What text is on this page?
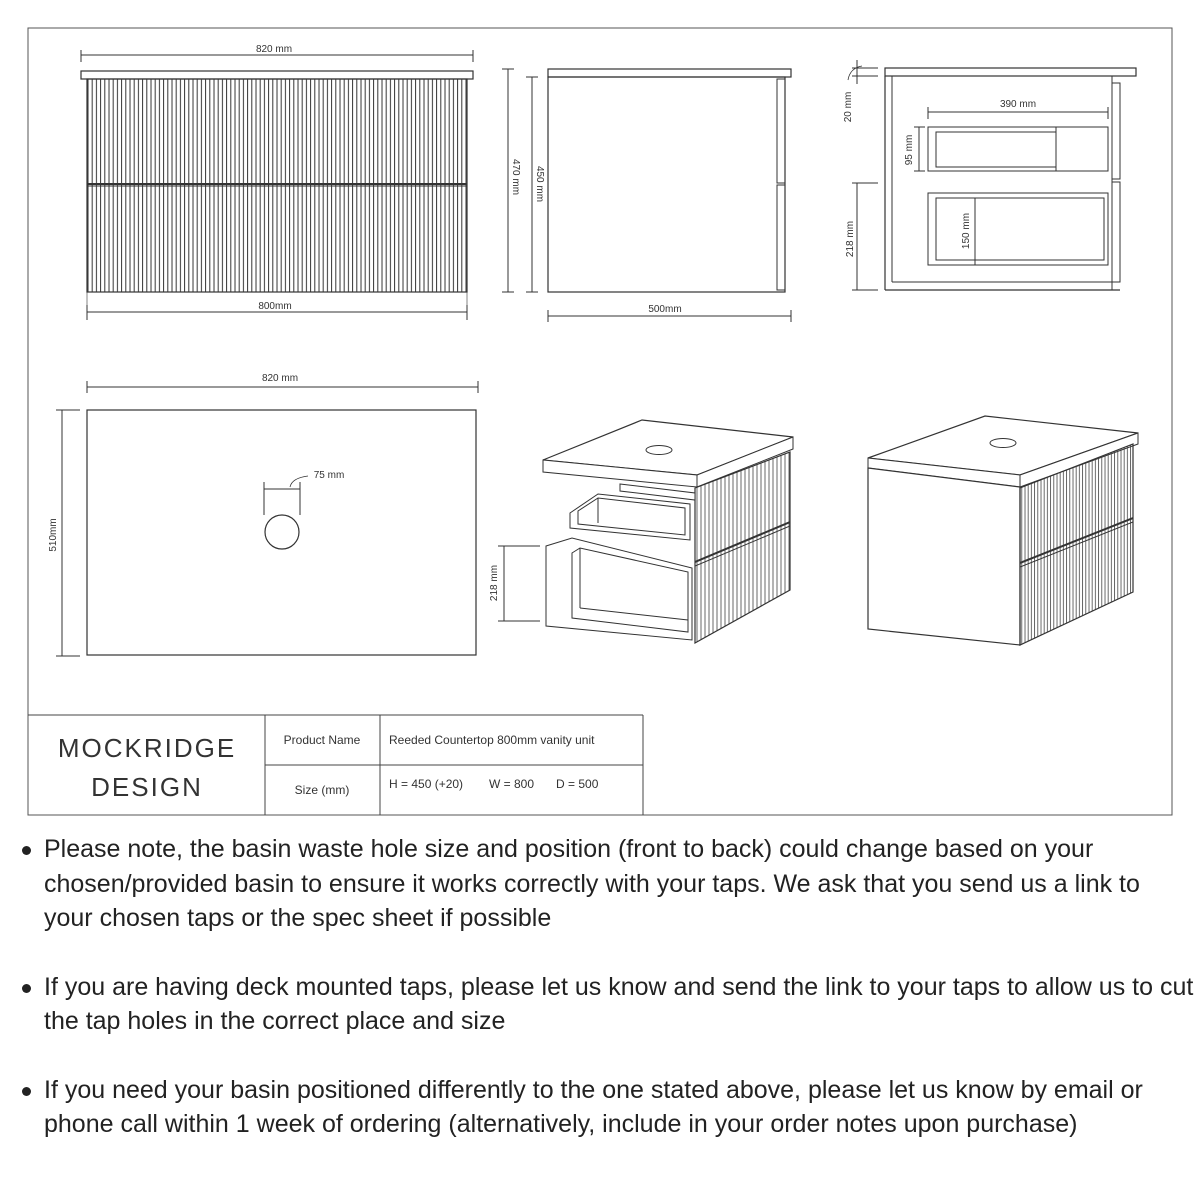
820 mm
800mm
470 mm 450 mm
500mm
20 mm	390 mm
95 mm
150 mm
218 mm
820 mm
510mm
75 mm
218 mm
MOCKRIDGE
DESIGN
Product Name Reeded Countertop 800mm vanity unit
Size (mm)	H = 450 (+20) W = 800 D = 500
Please note, the basin waste hole size and position (front to back) could change based on your chosen/provided basin to ensure it works correctly with your taps. We ask that you send us a link to your chosen taps or the spec sheet if possible
If you are having deck mounted taps, please let us know and send the link to your taps to allow us to cut the tap holes in the correct place and size
If you need your basin positioned differently to the one stated above, please let us know by email or phone call within 1 week of ordering (alternatively, include in your order notes upon purchase)
